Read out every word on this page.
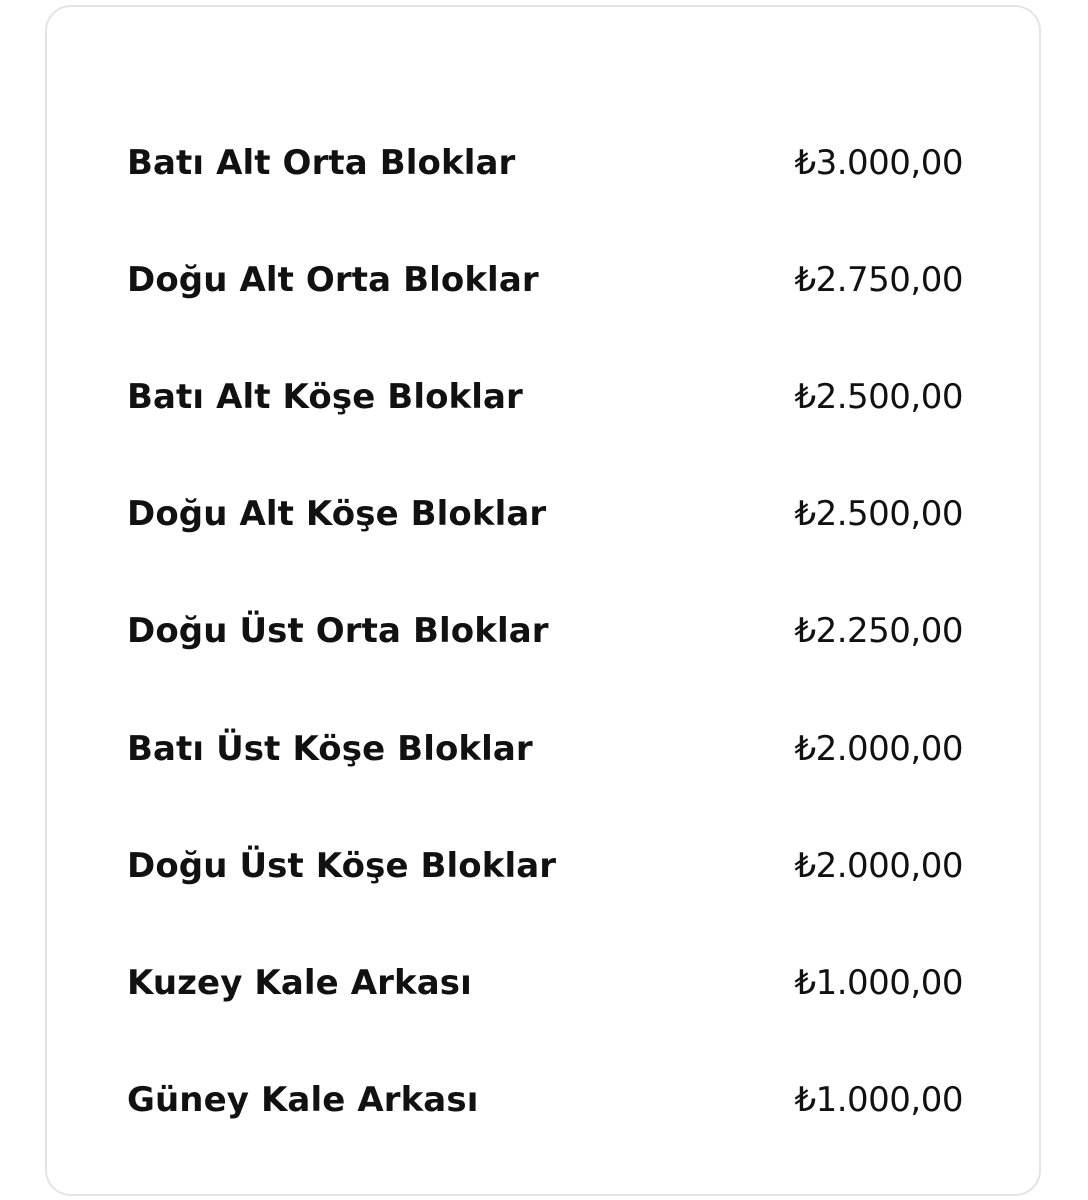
Batı Alt Orta Bloklar	₺3.000,00
Doğu Alt Orta Bloklar	₺2.750,00
Batı Alt Köşe Bloklar	₺2.500,00
Doğu Alt Köşe Bloklar	₺2.500,00
Doğu Üst Orta Bloklar	₺2.250,00
Batı Üst Köşe Bloklar	₺2.000,00
Doğu Üst Köşe Bloklar	₺2.000,00
Kuzey Kale Arkası	₺1.000,00
Güney Kale Arkası	₺1.000,00
